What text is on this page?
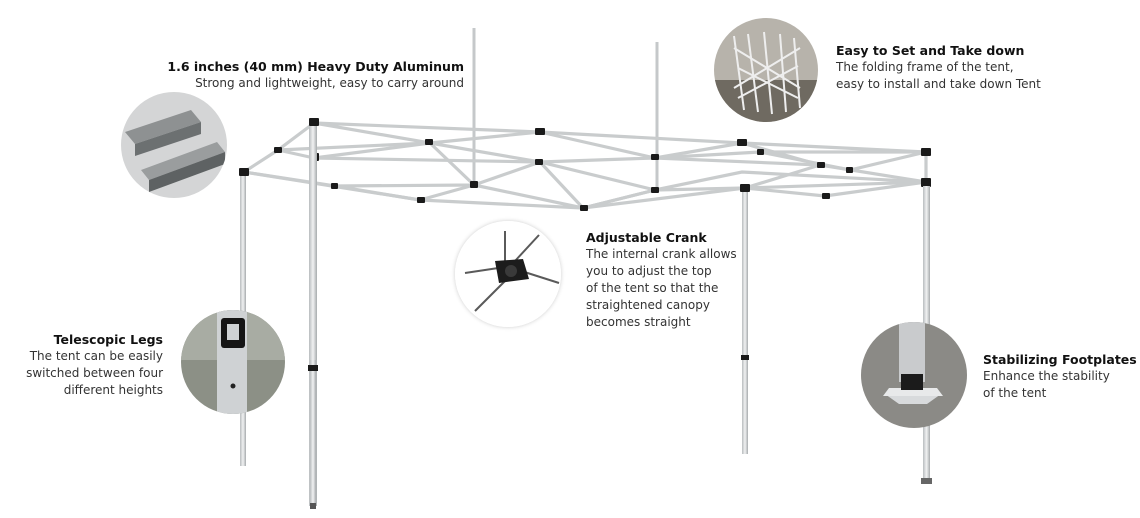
1.6 inches (40 mm) Heavy Duty Aluminum
Strong and lightweight, easy to carry around
Easy to Set and Take down
The folding frame of the tent,
easy to install and take down Tent
Adjustable Crank
The internal crank allows
you to adjust the top
of the tent so that the
straightened canopy
becomes straight
Telescopic Legs
The tent can be easily
switched between four
different heights
Stabilizing Footplates
Enhance the stability
of the tent
